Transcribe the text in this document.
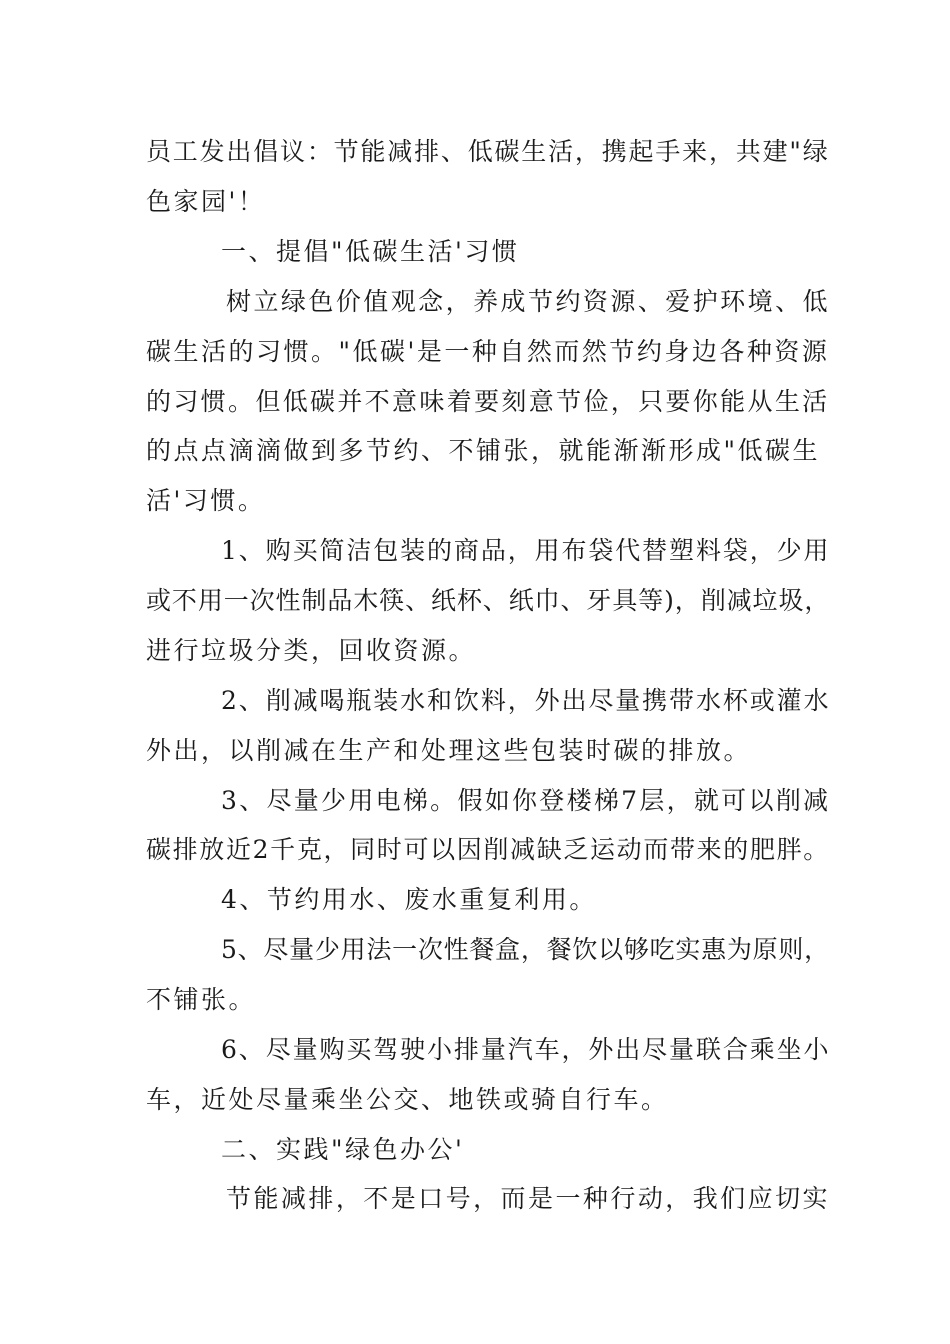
员工发出倡议：节能减排、低碳生活，携起手来，共建"绿
色家园'！
一、提倡"低碳生活'习惯
树立绿色价值观念，养成节约资源、爱护环境、低
碳生活的习惯。"低碳'是一种自然而然节约身边各种资源
的习惯。但低碳并不意味着要刻意节俭，只要你能从生活
的点点滴滴做到多节约、不铺张，就能渐渐形成"低碳生
活'习惯。
1、购买简洁包装的商品，用布袋代替塑料袋，少用
或不用一次性制品木筷、纸杯、纸巾、牙具等)，削减垃圾，
进行垃圾分类，回收资源。
2、削减喝瓶装水和饮料，外出尽量携带水杯或灌水
外出，以削减在生产和处理这些包装时碳的排放。
3、尽量少用电梯。假如你登楼梯7层，就可以削减
碳排放近2千克，同时可以因削减缺乏运动而带来的肥胖。
4、节约用水、废水重复利用。
5、尽量少用法一次性餐盒，餐饮以够吃实惠为原则，
不铺张。
6、尽量购买驾驶小排量汽车，外出尽量联合乘坐小
车，近处尽量乘坐公交、地铁或骑自行车。
二、实践"绿色办公'
节能减排，不是口号，而是一种行动，我们应切实
